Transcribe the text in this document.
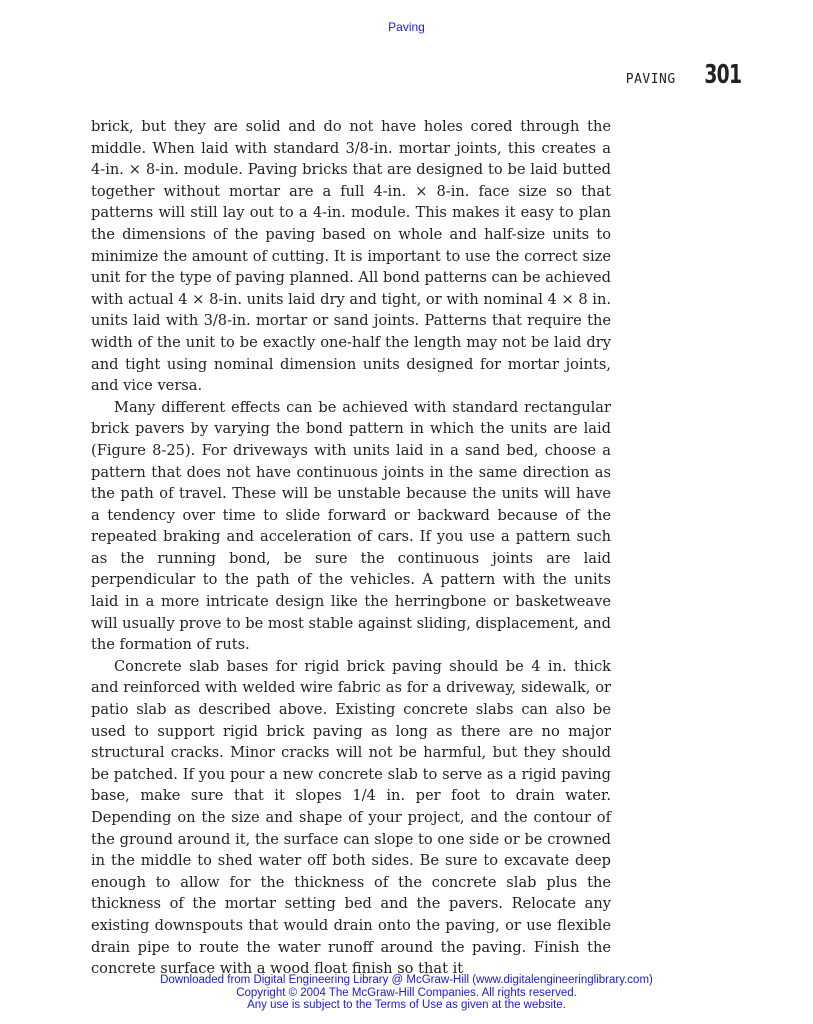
Paving
PAVING 301

brick, but they are solid and do not have holes cored through the middle. When laid with standard 3/8-in. mortar joints, this creates a 4-in. × 8-in. module. Paving bricks that are designed to be laid butted together without mortar are a full 4-in. × 8-in. face size so that patterns will still lay out to a 4-in. module. This makes it easy to plan the dimensions of the paving based on whole and half-size units to minimize the amount of cutting. It is important to use the correct size unit for the type of paving planned. All bond patterns can be achieved with actual 4 × 8-in. units laid dry and tight, or with nominal 4 × 8 in. units laid with 3/8-in. mortar or sand joints. Patterns that require the width of the unit to be exactly one-half the length may not be laid dry and tight using nominal dimension units designed for mortar joints, and vice versa.

Many different effects can be achieved with standard rectangular brick pavers by varying the bond pattern in which the units are laid (Figure 8-25). For driveways with units laid in a sand bed, choose a pattern that does not have continuous joints in the same direction as the path of travel. These will be unstable because the units will have a tendency over time to slide forward or backward because of the repeated braking and acceleration of cars. If you use a pattern such as the running bond, be sure the continuous joints are laid perpendicular to the path of the vehicles. A pattern with the units laid in a more intricate design like the herringbone or basketweave will usually prove to be most stable against sliding, displacement, and the formation of ruts.

Concrete slab bases for rigid brick paving should be 4 in. thick and reinforced with welded wire fabric as for a driveway, sidewalk, or patio slab as described above. Existing concrete slabs can also be used to support rigid brick paving as long as there are no major structural cracks. Minor cracks will not be harmful, but they should be patched. If you pour a new concrete slab to serve as a rigid paving base, make sure that it slopes 1/4 in. per foot to drain water. Depending on the size and shape of your project, and the contour of the ground around it, the surface can slope to one side or be crowned in the middle to shed water off both sides. Be sure to excavate deep enough to allow for the thickness of the concrete slab plus the thickness of the mortar setting bed and the pavers. Relocate any existing downspouts that would drain onto the paving, or use flexible drain pipe to route the water runoff around the paving. Finish the concrete surface with a wood float finish so that it

Downloaded from Digital Engineering Library @ McGraw-Hill (www.digitalengineeringlibrary.com)
Copyright © 2004 The McGraw-Hill Companies. All rights reserved.
Any use is subject to the Terms of Use as given at the website.
